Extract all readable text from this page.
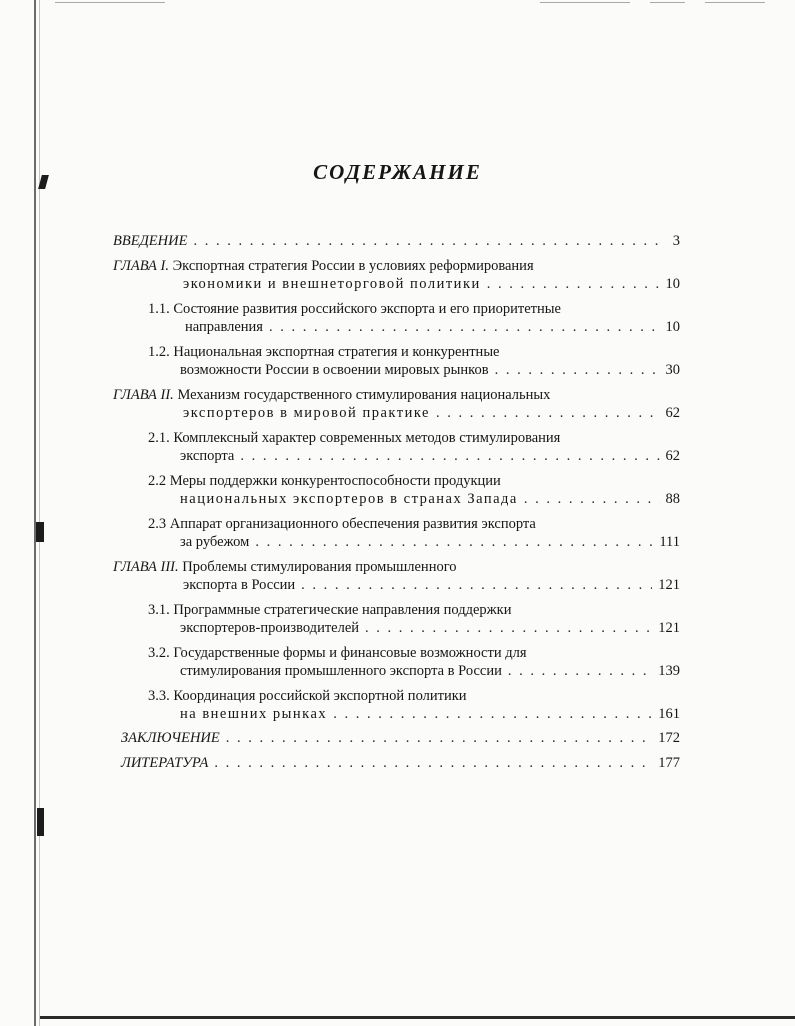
СОДЕРЖАНИЕ
ВВЕДЕНИЕ . . .	3
ГЛАВА I.
Экспортная стратегия России в условиях реформирования
экономики и внешнеторговой политики . . .	10
1.1.
Состояние развития российского экспорта и его приоритетные
направления . . .	10
1.2.
Национальная экспортная стратегия и конкурентные
возможности России в освоении мировых рынков . . .	30
ГЛАВА II.
Механизм государственного стимулирования национальных
экспортеров в мировой практике . . .	62
2.1.
Комплексный характер современных методов стимулирования
экспорта . . .	62
2.2
Меры поддержки конкурентоспособности продукции
национальных экспортеров в странах Запада . . .	88
2.3
Аппарат организационного обеспечения развития экспорта
за рубежом . . .	111
ГЛАВА III.
Проблемы стимулирования промышленного
экспорта в России . . .	121
3.1.
Программные стратегические направления поддержки
экспортеров-производителей . . .	121
3.2.
Государственные формы и финансовые возможности для
стимулирования промышленного экспорта в России . . .	139
3.3.
Координация российской экспортной политики
на внешних рынках . . .	161
ЗАКЛЮЧЕНИЕ . . .	172
ЛИТЕРАТУРА . . .	177
